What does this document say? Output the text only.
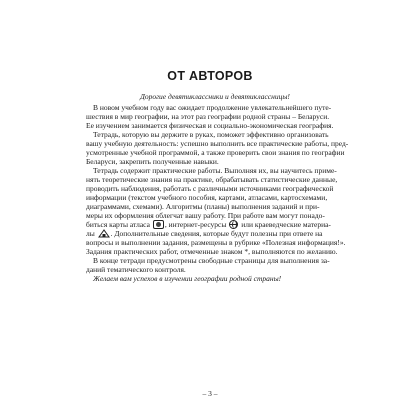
ОТ АВТОРОВ
Дорогие девятиклассники и девятиклассницы!
В новом учебном году вас ожидает продолжение увлекательнейшего путе-
шествия в мир географии, на этот раз географии родной страны – Беларуси.
Ее изучением занимается физическая и социально-экономическая география.
Тетрадь, которую вы держите в руках, поможет эффективно организовать
вашу учебную деятельность: успешно выполнить все практические работы, пред-
усмотренные учебной программой, а также проверить свои знания по географии
Беларуси, закрепить полученные навыки.
Тетрадь содержит практические работы. Выполняя их, вы научитесь приме-
нять теоретические знания на практике, обрабатывать статистические данные,
проводить наблюдения, работать с различными источниками географической
информации (текстом учебного пособия, картами, атласами, картосхемами,
диаграммами, схемами). Алгоритмы (планы) выполнения заданий и при-
меры их оформления облегчат вашу работу. При работе вам могут понадо-
биться карты атласа , интернет-ресурсы или краеведческие материа-
лы . Дополнительные сведения, которые будут полезны при ответе на
вопросы и выполнении задания, размещены в рубрике «Полезная информация!».
Задания практических работ, отмеченные знаком *, выполняются по желанию.
В конце тетради предусмотрены свободные страницы для выполнения за-
даний тематического контроля.
Желаем вам успехов в изучении географии родной страны!
– 3 –
